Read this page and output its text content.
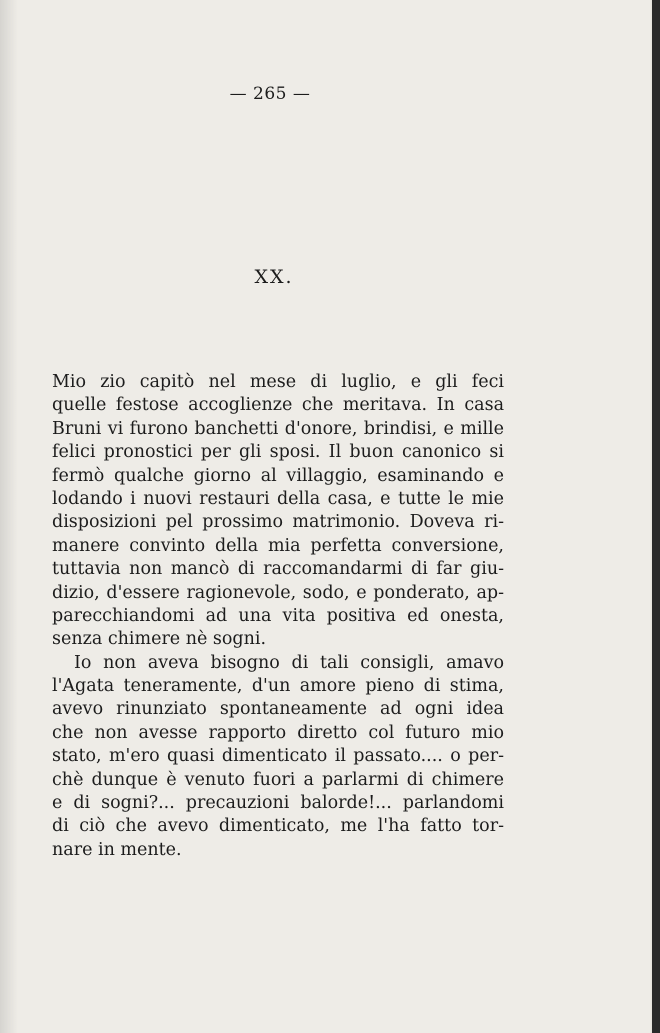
— 265 —
XX.
Mio zio capitò nel mese di luglio, e gli feci
quelle festose accoglienze che meritava. In casa
Bruni vi furono banchetti d'onore, brindisi, e mille
felici pronostici per gli sposi. Il buon canonico si
fermò qualche giorno al villaggio, esaminando e
lodando i nuovi restauri della casa, e tutte le mie
disposizioni pel prossimo matrimonio. Doveva ri-
manere convinto della mia perfetta conversione,
tuttavia non mancò di raccomandarmi di far giu-
dizio, d'essere ragionevole, sodo, e ponderato, ap-
parecchiandomi ad una vita positiva ed onesta,
senza chimere nè sogni.
Io non aveva bisogno di tali consigli, amavo
l'Agata teneramente, d'un amore pieno di stima,
avevo rinunziato spontaneamente ad ogni idea
che non avesse rapporto diretto col futuro mio
stato, m'ero quasi dimenticato il passato.... o per-
chè dunque è venuto fuori a parlarmi di chimere
e di sogni?... precauzioni balorde!... parlandomi
di ciò che avevo dimenticato, me l'ha fatto tor-
nare in mente.
